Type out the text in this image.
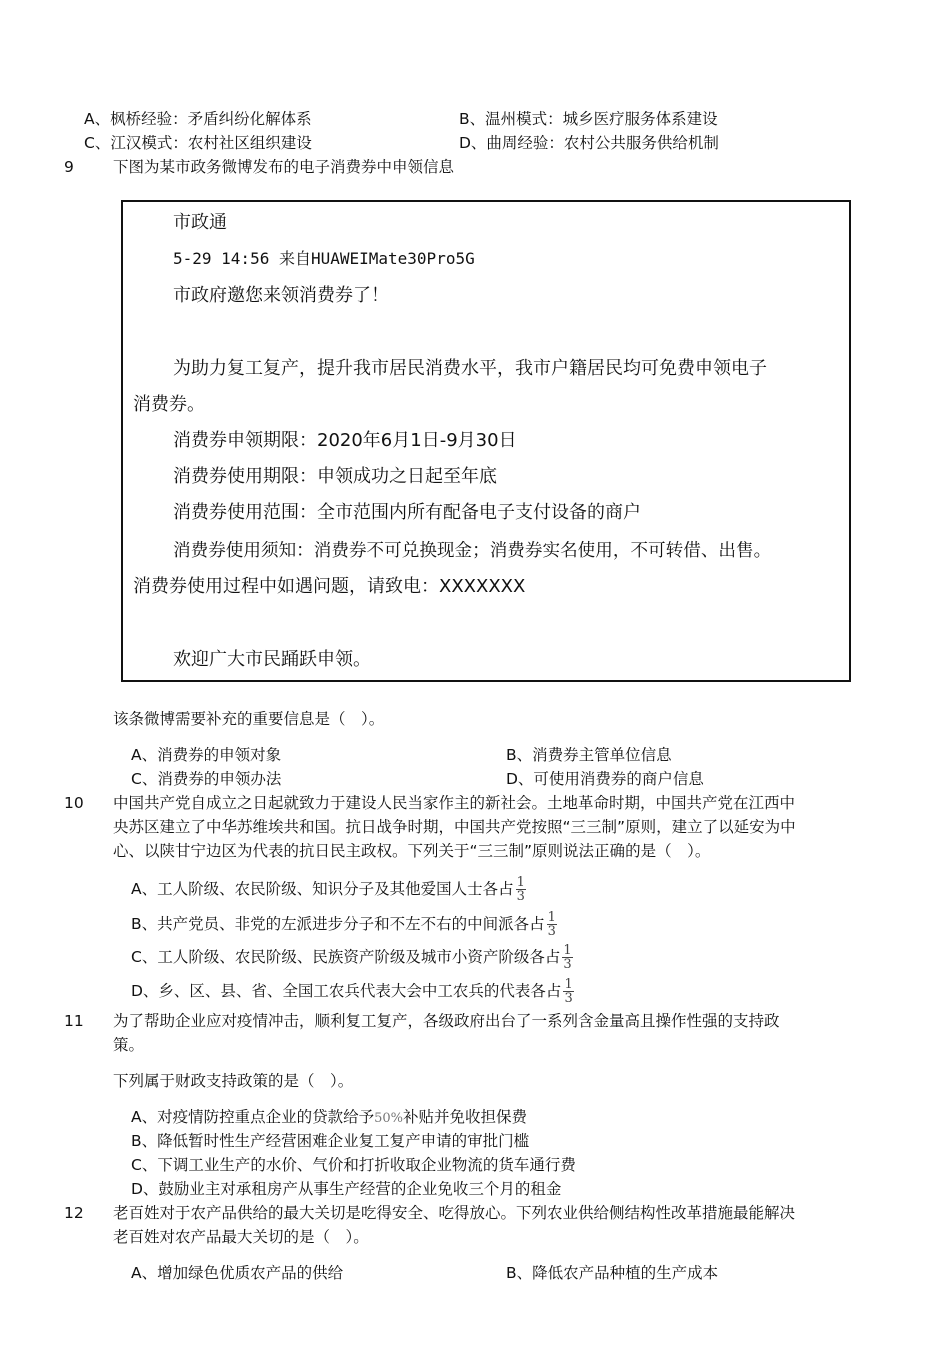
A、枫桥经验：矛盾纠纷化解体系	B、温州模式：城乡医疗服务体系建设
C、江汉模式：农村社区组织建设	D、曲周经验：农村公共服务供给机制
9	下图为某市政务微博发布的电子消费券中申领信息
市政通
5-29 14:56 来自HUAWEIMate30Pro5G
市政府邀您来领消费券了！
为助力复工复产，提升我市居民消费水平，我市户籍居民均可免费申领电子
消费券。
消费券申领期限：2020年6月1日-9月30日
消费券使用期限：申领成功之日起至年底
消费券使用范围：全市范围内所有配备电子支付设备的商户
消费券使用须知：消费券不可兑换现金；消费券实名使用，不可转借、出售。
消费券使用过程中如遇问题，请致电：XXXXXXX
欢迎广大市民踊跃申领。
该条微博需要补充的重要信息是（　）。
A、消费券的申领对象	B、消费券主管单位信息
C、消费券的申领办法	D、可使用消费券的商户信息
10 中国共产党自成立之日起就致力于建设人民当家作主的新社会。土地革命时期，中国共产党在江西中
央苏区建立了中华苏维埃共和国。抗日战争时期，中国共产党按照“三三制”原则，建立了以延安为中
心、以陕甘宁边区为代表的抗日民主政权。下列关于“三三制”原则说法正确的是（　）。
A、工人阶级、农民阶级、知识分子及其他爱国人士各占 $\frac{1}{3}$
B、共产党员、非党的左派进步分子和不左不右的中间派各占 $\frac{1}{3}$
C、工人阶级、农民阶级、民族资产阶级及城市小资产阶级各占 $\frac{1}{3}$
D、乡、区、县、省、全国工农兵代表大会中工农兵的代表各占 $\frac{1}{3}$
11 为了帮助企业应对疫情冲击，顺利复工复产，各级政府出台了一系列含金量高且操作性强的支持政
策。
下列属于财政支持政策的是（　）。
A、对疫情防控重点企业的贷款给予50%补贴并免收担保费
B、降低暂时性生产经营困难企业复工复产申请的审批门槛
C、下调工业生产的水价、气价和打折收取企业物流的货车通行费
D、鼓励业主对承租房产从事生产经营的企业免收三个月的租金
12 老百姓对于农产品供给的最大关切是吃得安全、吃得放心。下列农业供给侧结构性改革措施最能解决
老百姓对农产品最大关切的是（　）。
A、增加绿色优质农产品的供给	B、降低农产品种植的生产成本
